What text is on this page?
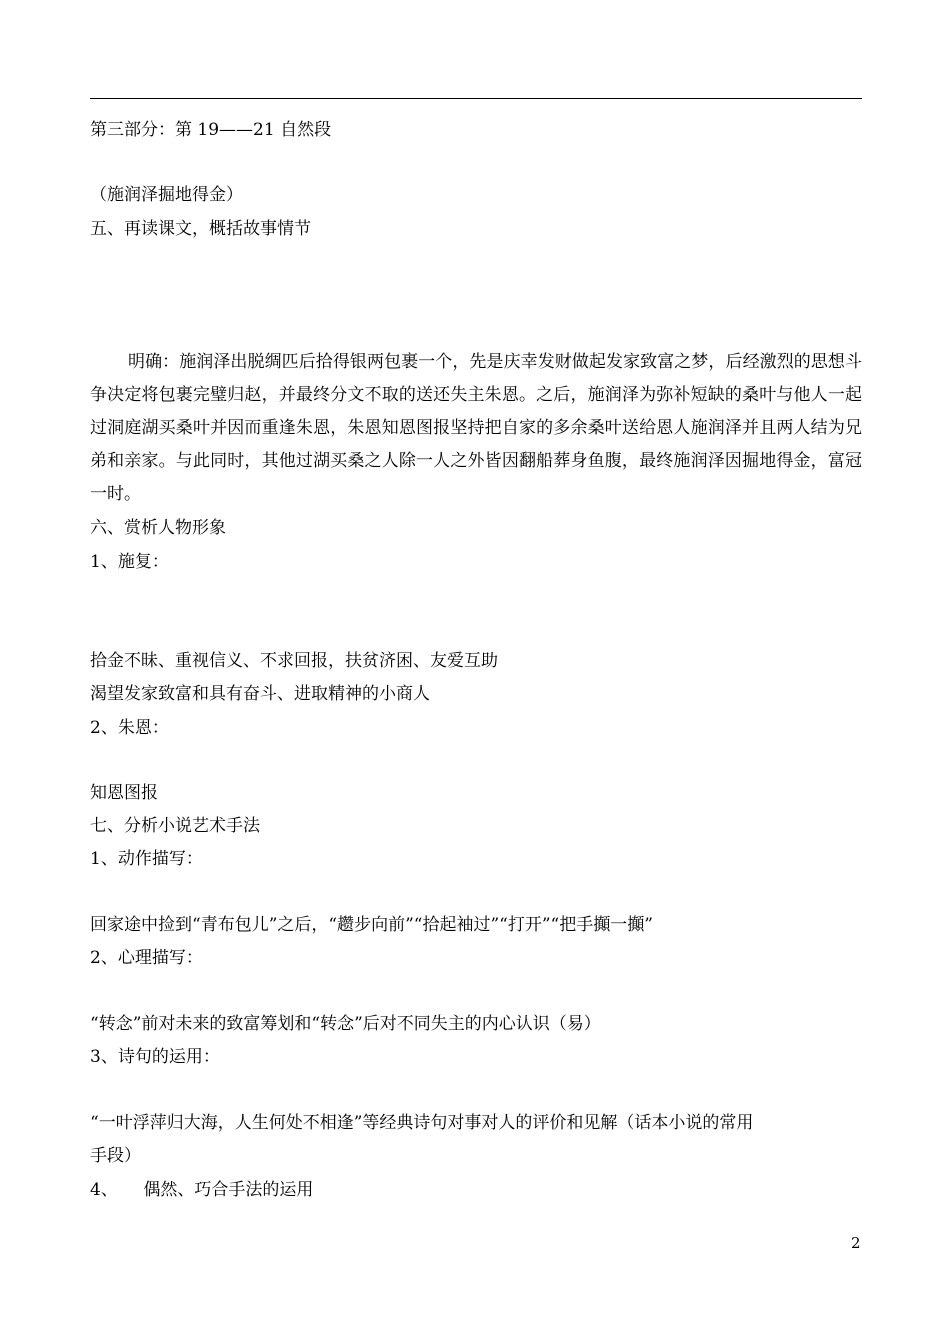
第三部分：第 19——21 自然段
（施润泽掘地得金）
五、再读课文，概括故事情节
明确：施润泽出脱绸匹后拾得银两包裹一个，先是庆幸发财做起发家致富之梦，后经激烈的思想斗争决定将包裹完璧归赵，并最终分文不取的送还失主朱恩。之后，施润泽为弥补短缺的桑叶与他人一起过洞庭湖买桑叶并因而重逢朱恩，朱恩知恩图报坚持把自家的多余桑叶送给恩人施润泽并且两人结为兄弟和亲家。与此同时，其他过湖买桑之人除一人之外皆因翻船葬身鱼腹，最终施润泽因掘地得金，富冠一时。
六、赏析人物形象
1、施复：
拾金不昧、重视信义、不求回报，扶贫济困、友爱互助
渴望发家致富和具有奋斗、进取精神的小商人
2、朱恩：
知恩图报
七、分析小说艺术手法
1、动作描写：
回家途中捡到“青布包儿”之后，“趱步向前”“拾起袖过”“打开”“把手攧一攧”
2、心理描写：
“转念”前对未来的致富筹划和“转念”后对不同失主的内心认识（易）
3、诗句的运用：
“一叶浮萍归大海，人生何处不相逢”等经典诗句对事对人的评价和见解（话本小说的常用
手段）
4、　　偶然、巧合手法的运用
2
